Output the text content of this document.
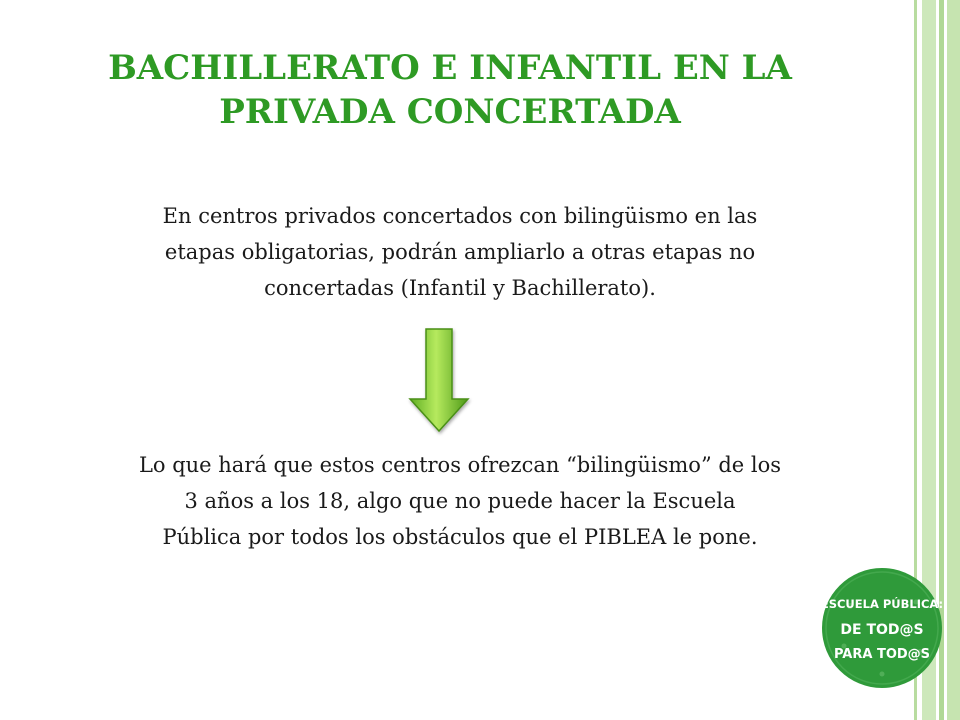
BACHILLERATO E INFANTIL EN LA
PRIVADA CONCERTADA
En centros privados concertados con bilingüismo en las
etapas obligatorias, podrán ampliarlo a otras etapas no
concertadas (Infantil y Bachillerato).
Lo que hará que estos centros ofrezcan “bilingüismo” de los
3 años a los 18, algo que no puede hacer la Escuela
Pública por todos los obstáculos que el PIBLEA le pone.
ESCUELA PÚBLICA:
DE TOD@S
PARA TOD@S
